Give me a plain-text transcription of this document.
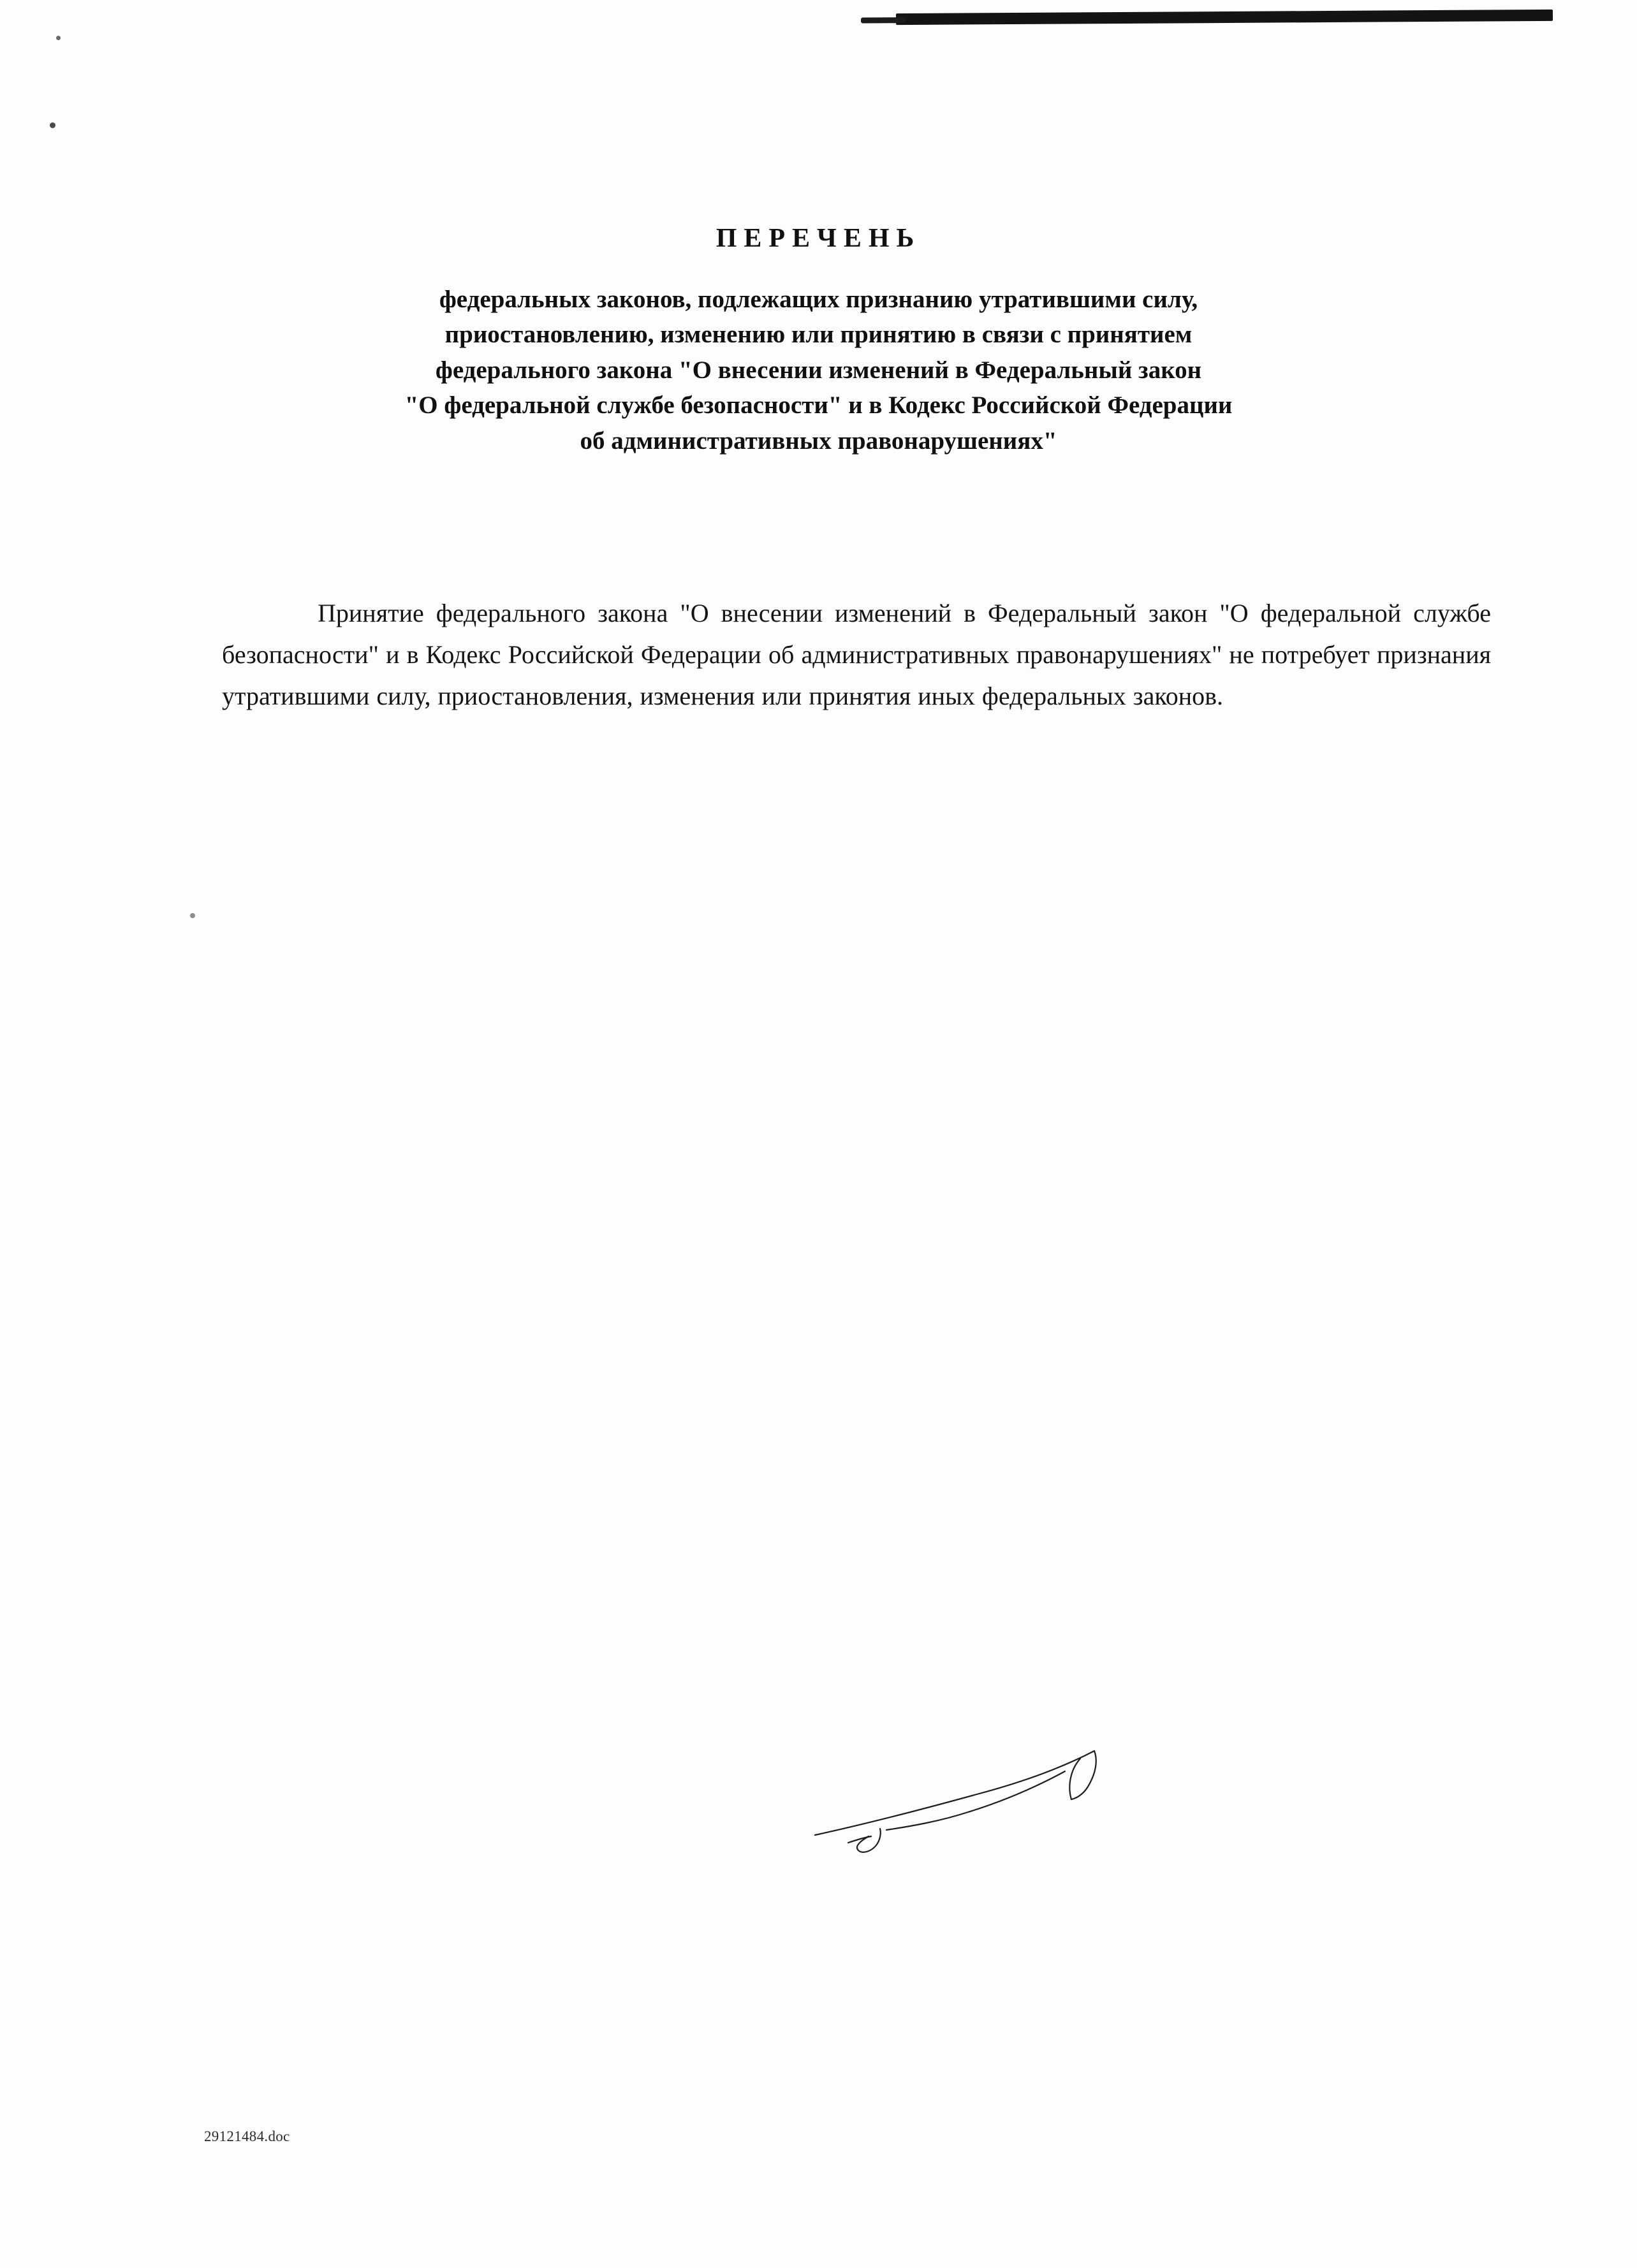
ПЕРЕЧЕНЬ
федеральных законов, подлежащих признанию утратившими силу,
приостановлению, изменению или принятию в связи с принятием
федерального закона "О внесении изменений в Федеральный закон
"О федеральной службе безопасности" и в Кодекс Российской Федерации
об административных правонарушениях"

Принятие федерального закона "О внесении изменений в Федеральный закон "О федеральной службе безопасности" и в Кодекс Российской Федерации об административных правонарушениях" не потребует признания утратившими силу, приостановления, изменения или принятия иных федеральных законов.

29121484.doc
